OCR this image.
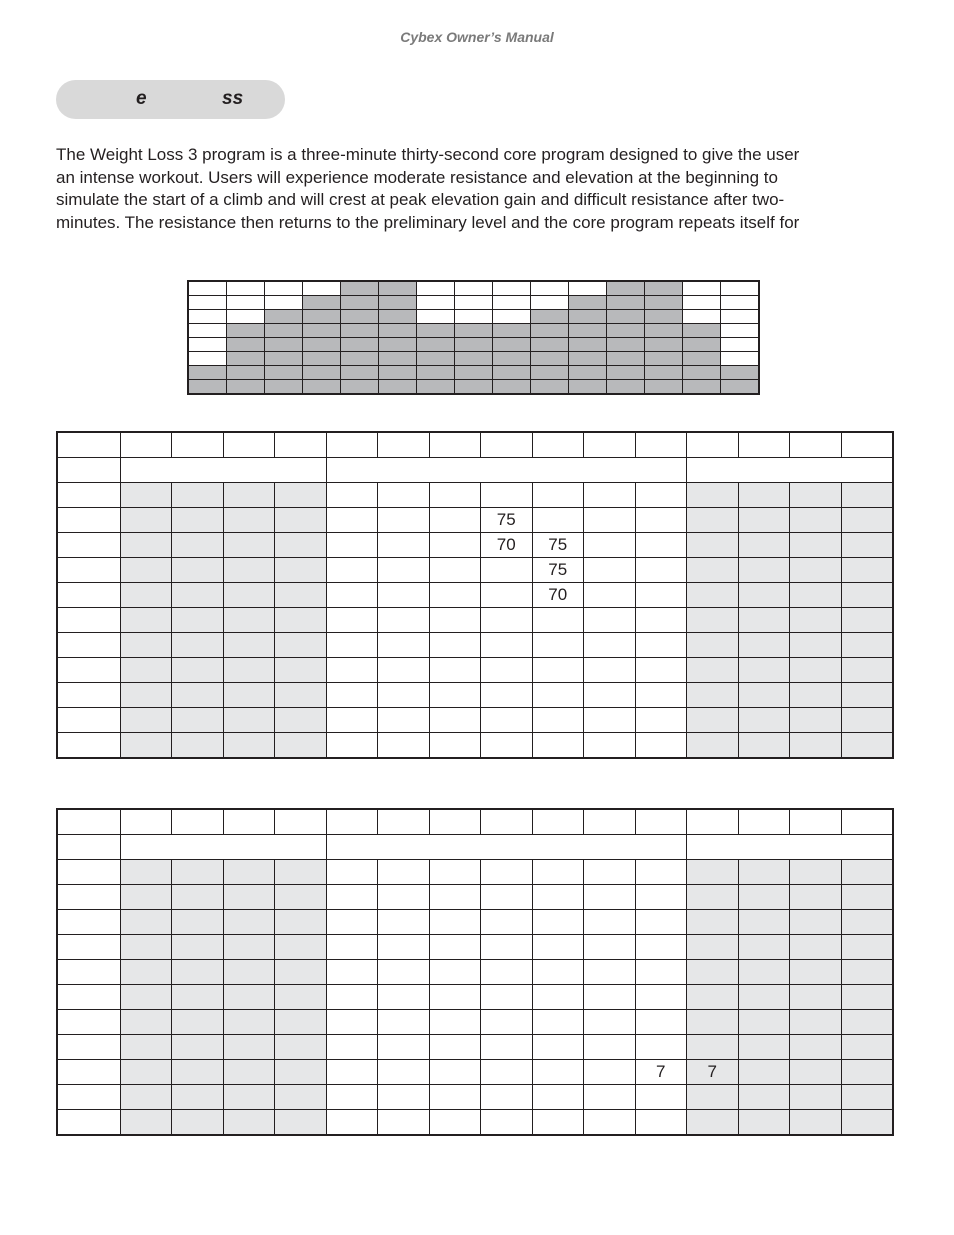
Cybex Owner’s Manual
e	ss
The Weight Loss 3 program is a three-minute thirty-second core program designed to give the user
an intense workout. Users will experience moderate resistance and elevation at the beginning to
simulate the start of a climb and will crest at peak elevation gain and difficult resistance after two-
minutes. The resistance then returns to the preliminary level and the core program repeats itself for

								75							
								70	75						
									75						
									70						

											7	7			
